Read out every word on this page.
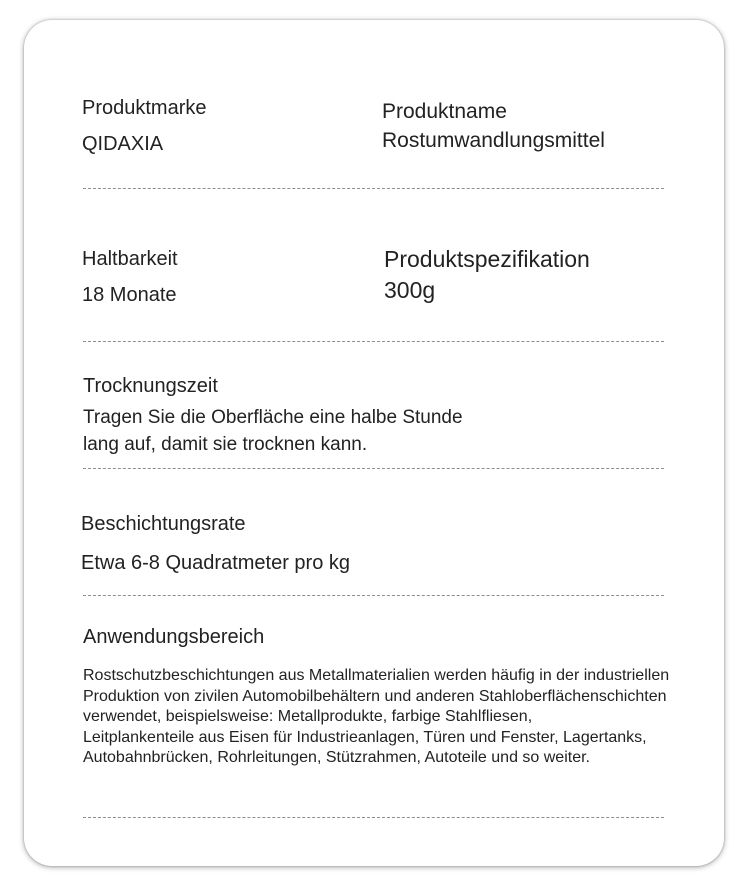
Produktmarke
QIDAXIA
Produktname
Rostumwandlungsmittel
Haltbarkeit
18 Monate
Produktspezifikation
300g
Trocknungszeit
Tragen Sie die Oberfläche eine halbe Stunde
lang auf, damit sie trocknen kann.
Beschichtungsrate
Etwa 6-8 Quadratmeter pro kg
Anwendungsbereich
Rostschutzbeschichtungen aus Metallmaterialien werden häufig in der industriellen
Produktion von zivilen Automobilbehältern und anderen Stahloberflächenschichten
verwendet, beispielsweise: Metallprodukte, farbige Stahlfliesen,
Leitplankenteile aus Eisen für Industrieanlagen, Türen und Fenster, Lagertanks,
Autobahnbrücken, Rohrleitungen, Stützrahmen, Autoteile und so weiter.
